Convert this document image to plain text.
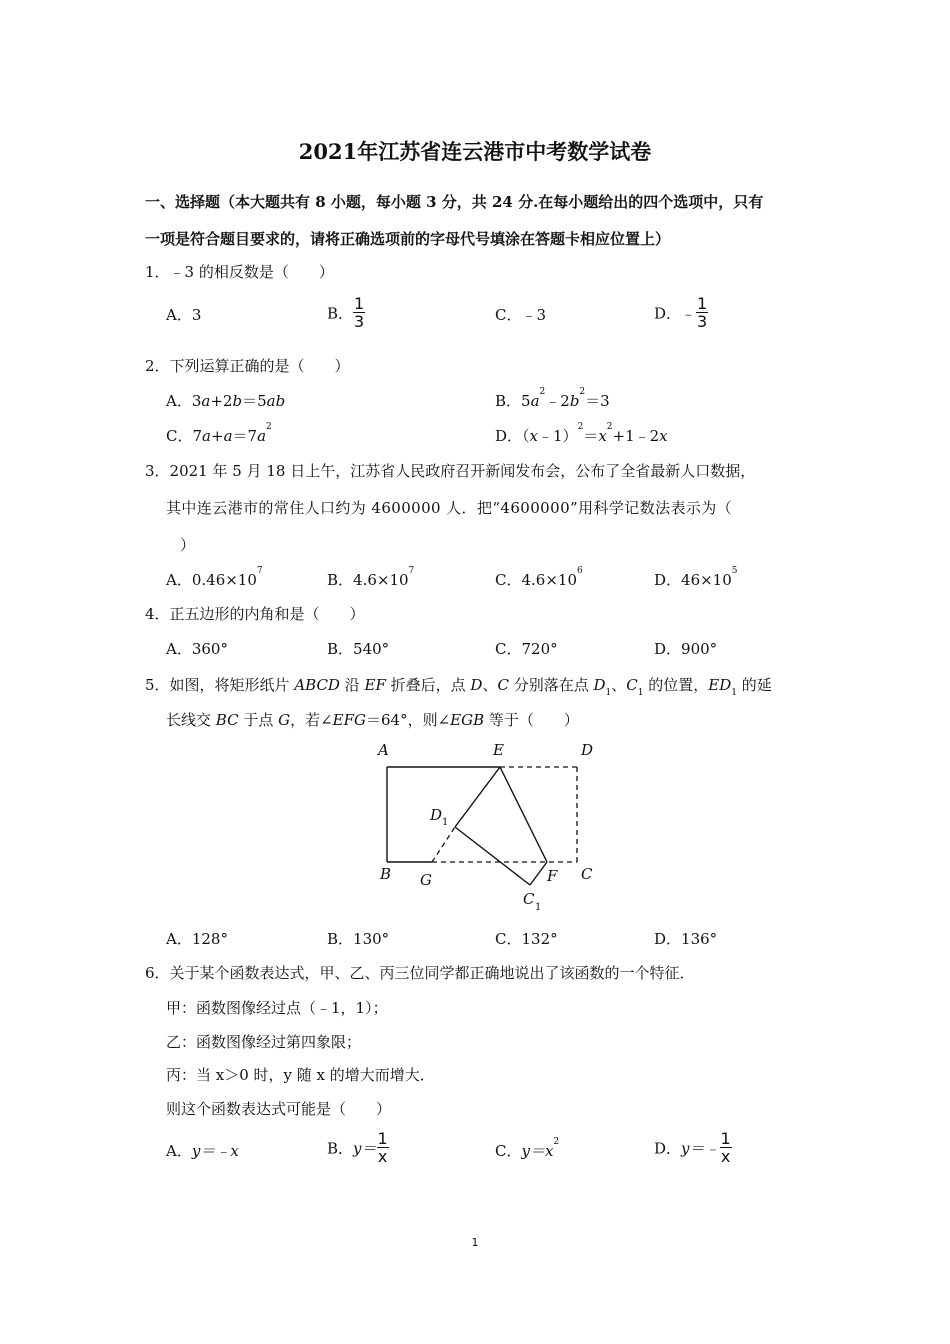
2021年江苏省连云港市中考数学试卷
一、选择题（本大题共有 8 小题，每小题 3 分，共 24 分.在每小题给出的四个选项中，只有
一项是符合题目要求的，请将正确选项前的字母代号填涂在答题卡相应位置上）
1．﹣3 的相反数是（　　）
A．3	B． $\frac{1}{3}$	C．﹣3	D．﹣ $\frac{1}{3}$
2．下列运算正确的是（　　）
A．3a+2b＝5ab	B．$5a^2﹣2b^2=3$
C．$7a+a=7a^2$	D．$(x﹣1)^2=x^2+1﹣2x$
3．2021 年 5 月 18 日上午，江苏省人民政府召开新闻发布会，公布了全省最新人口数据，
其中连云港市的常住人口约为 4600000 人．把“4600000”用科学记数法表示为（
）
A．$0.46\times 10^7$	B．$4.6\times 10^7$	C．$4.6\times 10^6$	D．$46\times 10^5$
4．正五边形的内角和是（　　）
A．360°	B．540°	C．720°	D．900°
5．如图，将矩形纸片 ABCD 沿 EF 折叠后，点 D、C 分别落在点 $D_1$、$C_1$ 的位置，$ED_1$ 的延
长线交 BC 于点 G，若∠EFG＝64°，则∠EGB 等于（　　）
A	E	D
D 1
B G	F C
C 1
A．128°	B．130°	C．132°	D．136°
6．关于某个函数表达式，甲、乙、丙三位同学都正确地说出了该函数的一个特征．
甲：函数图像经过点（﹣1，1）；
乙：函数图像经过第四象限；
丙：当 x＞0 时，y 随 x 的增大而增大．
则这个函数表达式可能是（　　）
A．y＝﹣x	B．$y= \frac{1}{x}$	C．$y=x^2$	D．y＝﹣ $\frac{1}{x}$
1
